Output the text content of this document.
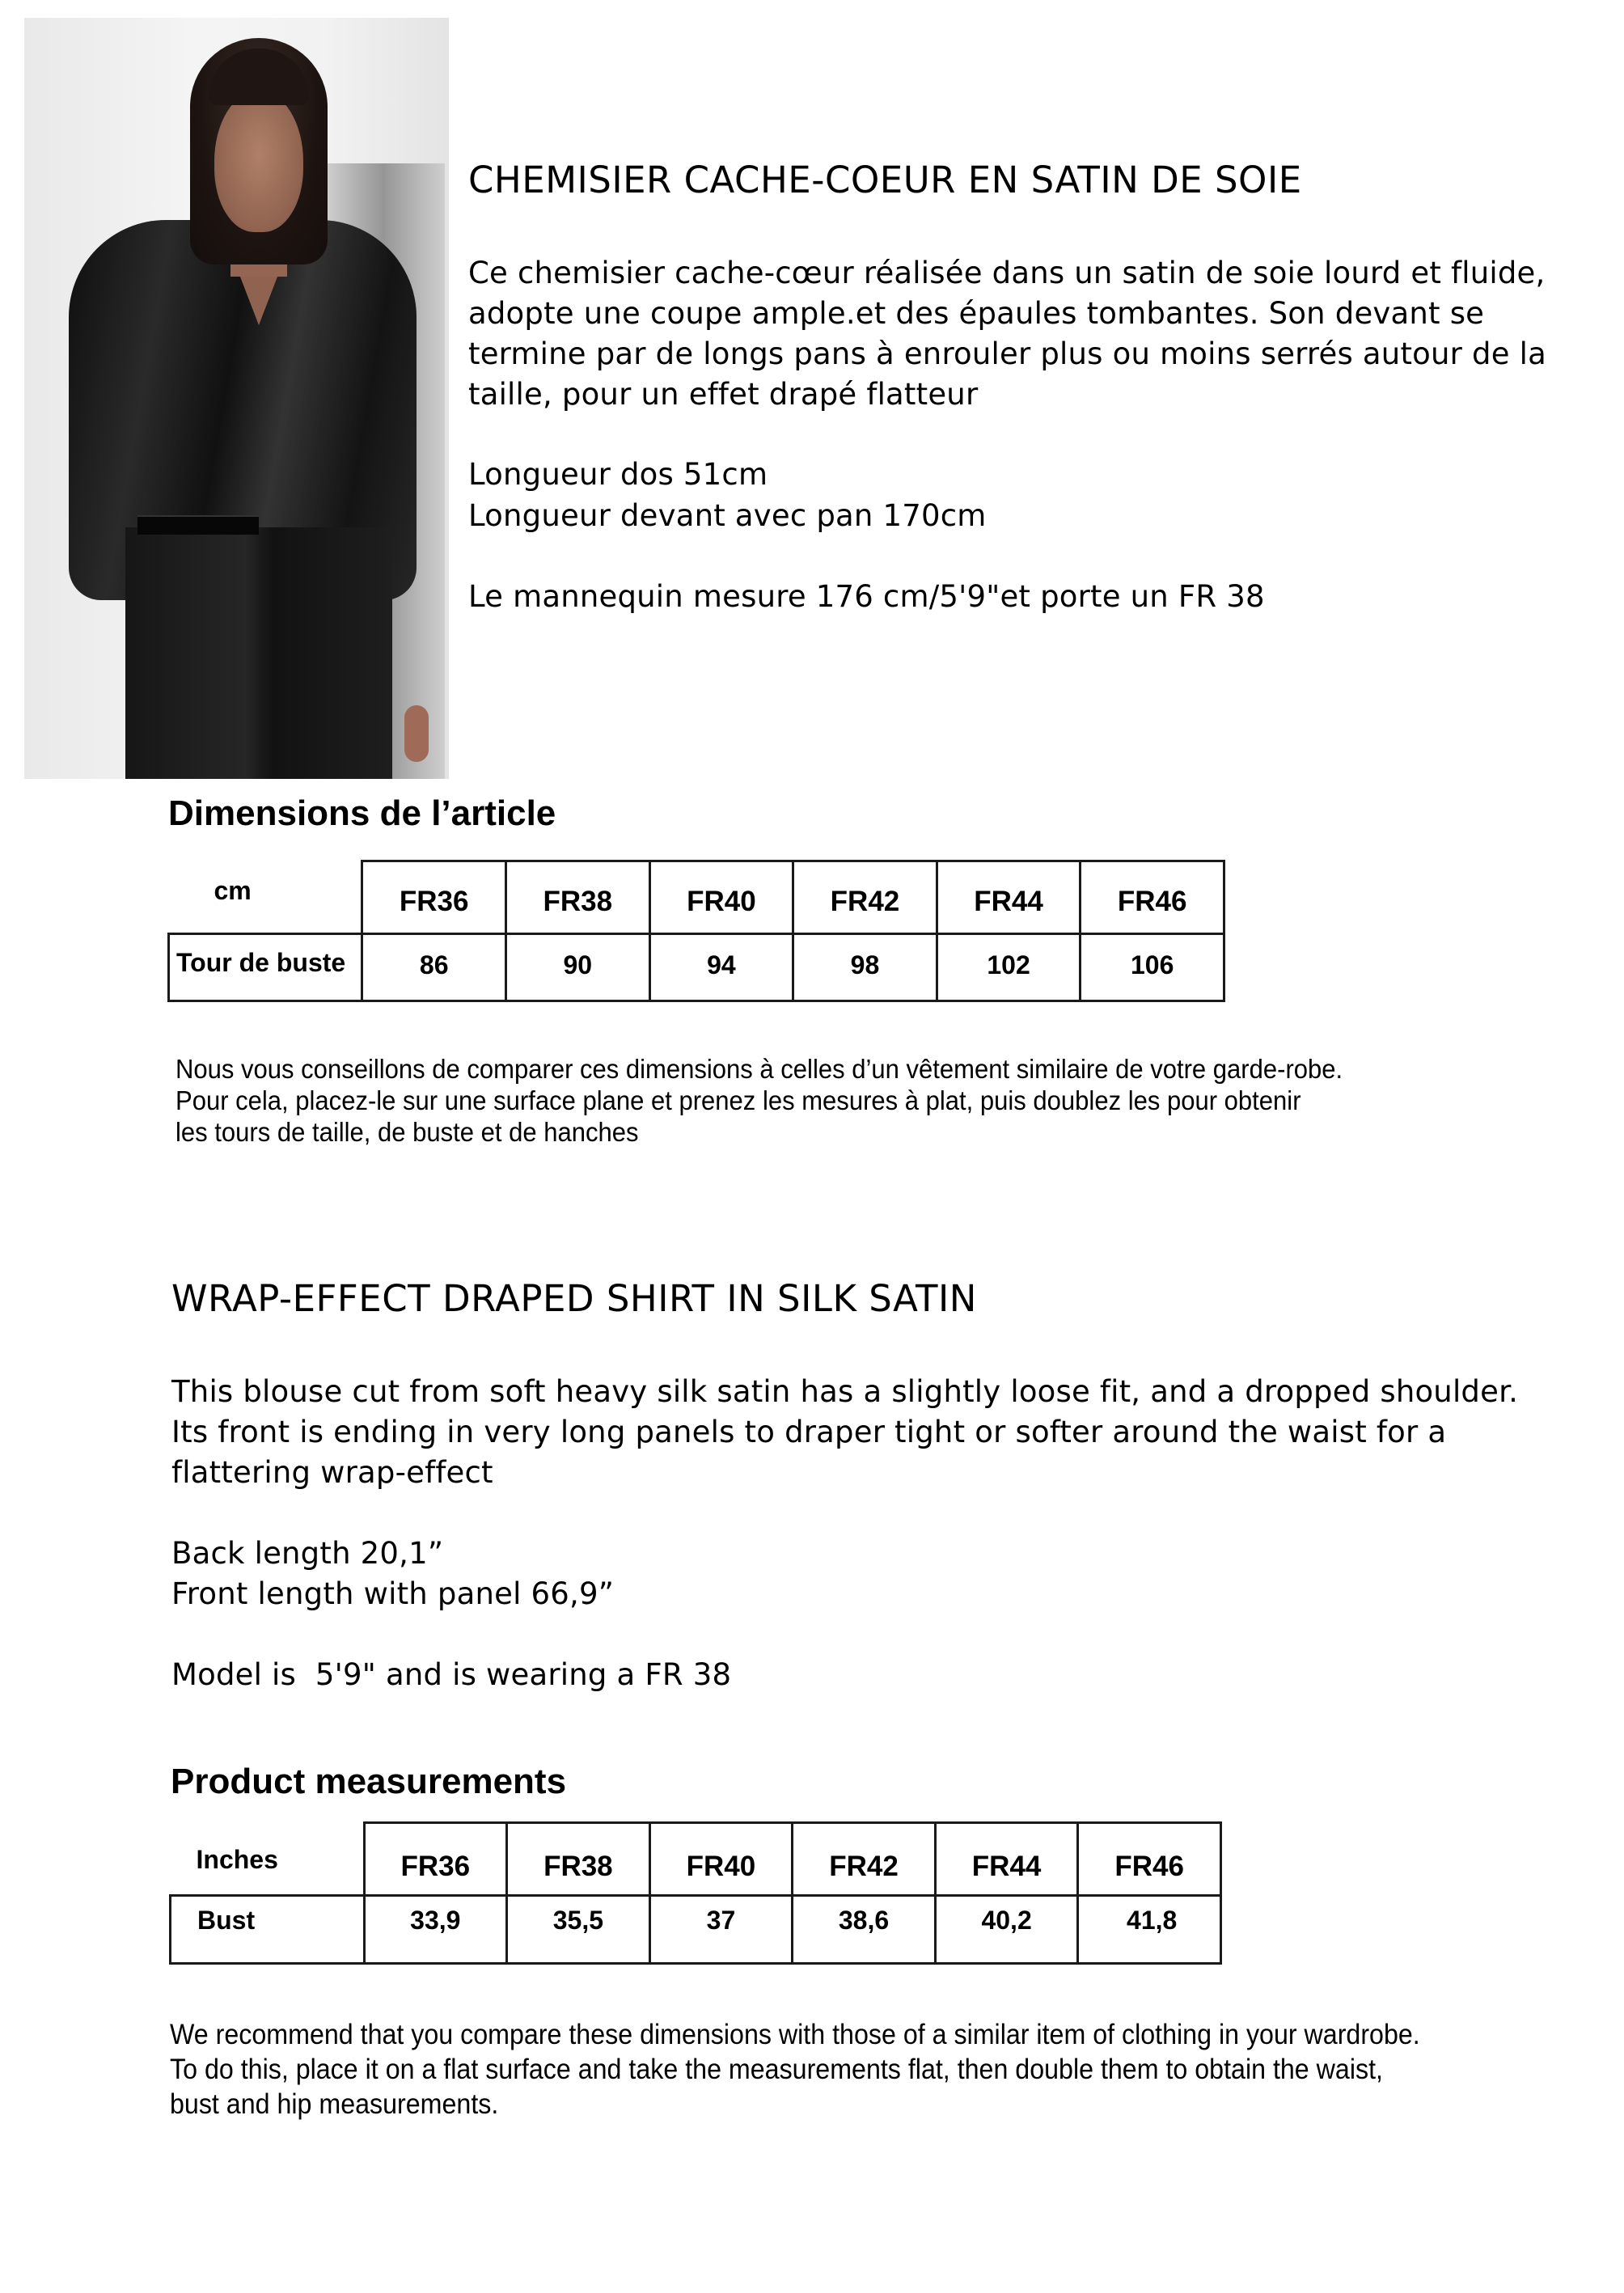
CHEMISIER CACHE-COEUR EN SATIN DE SOIE
Ce chemisier cache-cœur réalisée dans un satin de soie lourd et fluide,
adopte une coupe ample.et des épaules tombantes. Son devant se
termine par de longs pans à enrouler plus ou moins serrés autour de la
taille, pour un effet drapé flatteur
Longueur dos 51cm
Longueur devant avec pan 170cm
Le mannequin mesure 176 cm/5'9"et porte un FR 38
Dimensions de l’article
cm	FR36	FR38	FR40	FR42	FR44	FR46
Tour de buste	86	90	94	98	102	106
Nous vous conseillons de comparer ces dimensions à celles d’un vêtement similaire de votre garde-robe.
Pour cela, placez-le sur une surface plane et prenez les mesures à plat, puis doublez les pour obtenir
les tours de taille, de buste et de hanches
WRAP-EFFECT DRAPED SHIRT IN SILK SATIN
This blouse cut from soft heavy silk satin has a slightly loose fit, and a dropped shoulder.
Its front is ending in very long panels to draper tight or softer around the waist for a
flattering wrap-effect
Back length 20,1”
Front length with panel 66,9”
Model is  5'9" and is wearing a FR 38
Product measurements
Inches	FR36	FR38	FR40	FR42	FR44	FR46
Bust	33,9	35,5	37	38,6	40,2	41,8
We recommend that you compare these dimensions with those of a similar item of clothing in your wardrobe.
To do this, place it on a flat surface and take the measurements flat, then double them to obtain the waist,
bust and hip measurements.
